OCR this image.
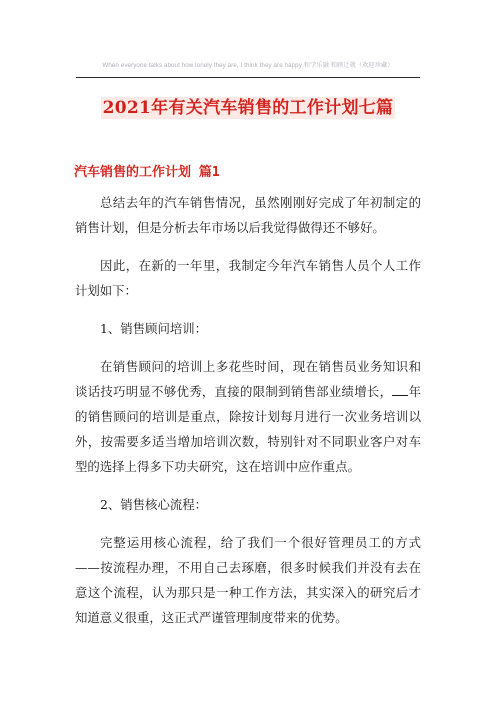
When everyone talks about how lonely they are, I think they are happy 和学乐融 和睦迁就（欢迎珍藏）
2021年有关汽车销售的工作计划七篇
汽车销售的工作计划 篇1

总结去年的汽车销售情况，虽然刚刚好完成了年初制定的销售计划，但是分析去年市场以后我觉得做得还不够好。

因此，在新的一年里，我制定今年汽车销售人员个人工作计划如下：

1、销售顾问培训：

在销售顾问的培训上多花些时间，现在销售员业务知识和谈话技巧明显不够优秀，直接的限制到销售部业绩增长， 年的销售顾问的培训是重点，除按计划每月进行一次业务培训以外，按需要多适当增加培训次数，特别针对不同职业客户对车型的选择上得多下功夫研究，这在培训中应作重点。

2、销售核心流程：

完整运用核心流程，给了我们一个很好管理员工的方式——按流程办理，不用自己去琢磨，很多时候我们并没有去在意这个流程，认为那只是一种工作方法，其实深入的研究后才知道意义很重，这正式严谨管理制度带来的优势。
